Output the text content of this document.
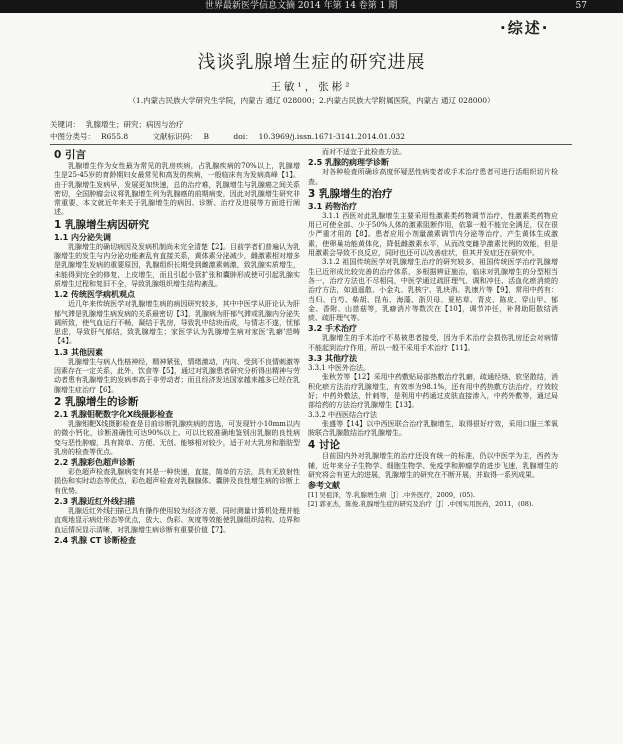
世界最新医学信息文摘 2014 年第 14 卷第 1 期	57
·综述·
浅谈乳腺增生症的研究进展
王敏¹，张彬²
（1.内蒙古民族大学研究生学院，内蒙古 通辽 028000；2.内蒙古民族大学附属医院，内蒙古 通辽 028000）
关键词： 乳腺增生；研究；病因与治疗
中图分类号： R655.8	文献标识码： B	doi： 10.3969/j.issn.1671-3141.2014.01.032
0 引言
乳腺增生作为女性最为常见的乳房疾病，占乳腺疾病的70%以上，乳腺增生是25-45岁的育龄期妇女最常见和高发的疾病，一般临床有为发病高峰【1】。由于乳腺增生发病早，发展更加快速，总的治疗难，乳腺增生与乳腺癌之间关系密切，全国肿瘤会议将乳腺增生列为乳腺癌的前期病变，因此对乳腺增生研究非常重要，本文就近年来关于乳腺增生的病因、诊断、治疗及进展等方面进行阐述。
1 乳腺增生病因研究
1.1 内分泌失调
乳腺增生的确切病因及发病机制尚未完全清楚【2】。目前学者们普遍认为乳腺增生的发生与内分泌功能紊乱有直接关系，黄体素分泌减少，雌激素相对增多是乳腺增生发病的重要原因，乳腺组织长期受到雌激素刺激，致乳腺实质增生，未能得到完全的修复，上皮增生，而且引起小管扩张和囊肿形成使可引起乳腺实质增生过程和复旧不全，导致乳腺组织增生结构紊乱。
1.2 传统医学病机观点
近几年来传统医学对乳腺增生病的病因研究较多，其中中医学从肝论认为肝郁气滞是乳腺增生病发病的关系最密切【3】，乳腺病为肝郁气滞或乳腺内分泌失调所致，使气血运行不畅，凝结于乳房，导致乳中结块而成，与情志不遂，忧郁思虑，导致肝气郁结，致乳腺增生；家医学认为乳腺增生病对家医‘乳癖’范畴【4】。
1.3 其他因素
乳腺增生与病人性格神经，精神紧张，情绪激动，内向、受到不良情刺激等因素存在一定关系，此外，饮食等【5】，通过对乳腺患者研究分析得出精神与劳动者患有乳腺增生的发病率高于非劳动者；而且经济发达国家越来越多已经在乳腺增生症治疗【6】。
2 乳腺增生的诊断
2.1 乳腺钼靶数字化X线摄影检查
乳腺钼靶X线摄影检查是目前诊断乳腺疾病的首选，可发现针小10mm以内的微小钙化，诊断准确性可达90%以上。可以比较准确地鉴别出乳腺的良性病变与恶性肿瘤，具有简单、方便、无创、能够相对较少，适于对大乳房和脂肪型乳房的检查等优点。
2.2 乳腺彩色超声诊断
彩色超声检查乳腺病变有其是一种快速，直接，简单的方法，具有无放射性损伤和实时动态等优点，彩色超声检查对乳腺腺体、囊肿及良性增生病的诊断上有优势。
2.3 乳腺近红外线扫描
乳腺近红外线扫描已具有操作使用较为经济方便、同时测量计算机处理并能直观地显示病灶形态等优点，放大、伪彩、灰度等效能使乳腺组织结构、边界和血运情况显示清晰，对乳腺增生病诊断有重要价值【7】。
2.4 乳腺 CT 诊断检查
而对不适宜于此检查方法。
2.5 乳腺的病理学诊断
对各种检查所确诊高度怀疑恶性病变者或手术治疗患者可进行活组织切片检查。
3 乳腺增生的治疗
3.1 药物治疗
3.1.1 西医对此乳腺增生主要采用性激素类药物调节治疗，性激素类药物应用已可使全部、少于50%人体的激素阻断作用，依靠一般不能完全满足，仅在很少严重才用的【8】。患者应用小剂量激素调节内分泌等治疗，产生黄体生成激素，使卵巢功能黄体化，降低雌激素水平，从而改变雌孕激素比例的效能，但是用激素会导致不良反应，同时也还可以改善症状，但其并发症还在研究中。
3.1.2 祖国传统医学对乳腺增生治疗的研究较多，祖国传统医学治疗乳腺增生已近形成比较完善的治疗体系，多根据辨证施治，临床对乳腺增生的分型相当各一，治疗方法也不尽相同，中医学通过疏肝理气、调和冲任、活血化瘀消痰的治疗方法，如逍遥散、小金丸、乳核宁、乳块消、乳康片等【9】，常用中药有：当归、白芍、柴胡、昆布、海藻、浙贝母、夏枯草、青皮、陈皮、穿山甲、郁金、香附、山慈菇等，乳癖消片等数次在【10】，调节冲任，补肾助阳散结消痰、疏肝理气等。
3.2 手术治疗
乳腺增生的手术治疗不易被患者接受，因为手术治疗会损伤乳房还会对病情不能起到治疗作用，所以一般不采用手术治疗【11】。
3.3 其他疗法
3.3.1 中医外治法。
张秋芳等【12】采用中药敷贴局部热敷治疗乳癖，疏通经络，软坚散结，消积化瘀方法治疗乳腺增生，有效率为98.1%，还有用中药热敷方法治疗，疗效较好；中药外敷法，针刺等，是利用中药通过皮肤直接渗入，中药外敷等，通过局部给药的方法治疗乳腺增生【13】。
3.3.2 中西医结合疗法
张盛等【14】以中西医联合治疗乳腺增生，取得很好疗效，采用口服三苯氧胺联合乳腺散结治疗乳腺增生。
4 讨论
目前国内外对乳腺增生的治疗还没有统一的标准，仍以中医学为主，西药为辅，近年来分子生物学、细胞生物学、免疫学和肿瘤学的进步飞速，乳腺增生的研究将会有更大的进展，乳腺增生的研究在不断开展，并取得一系列成果。
参考文献
[1] 吴祖泽，等.乳腺增生病［J］.中外医疗，2009，(05).
[2] 郭亚杰，陈俊.乳腺增生症的研究及治疗［J］.中国实用医药，2011，(08).
